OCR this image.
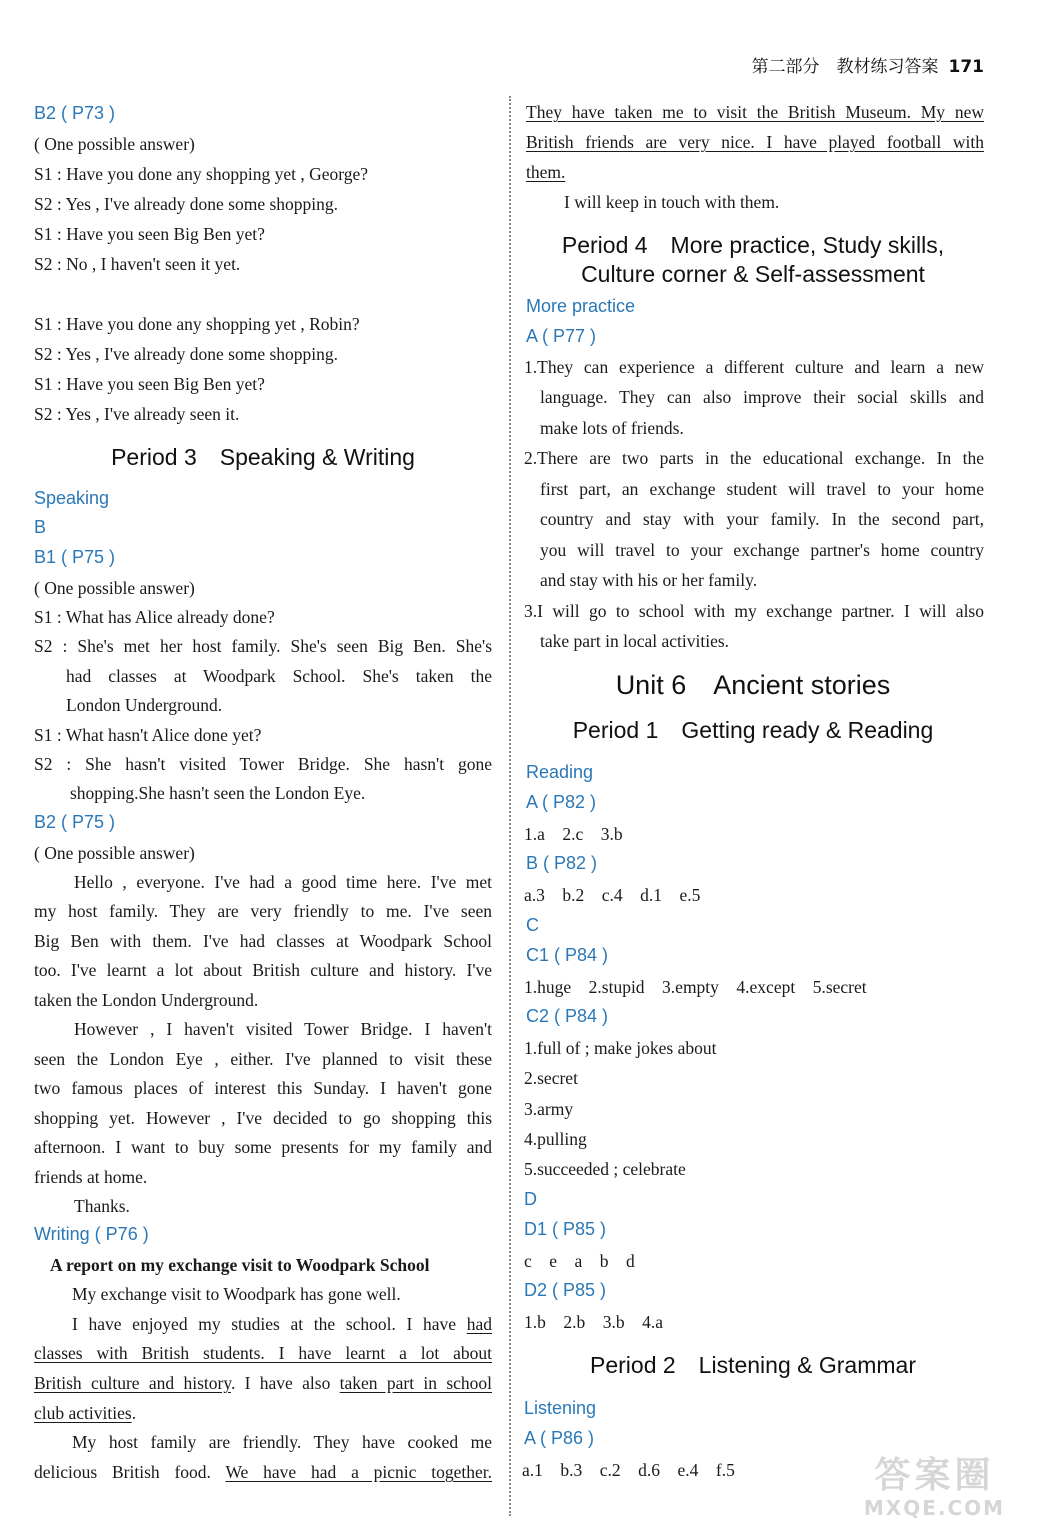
第二部分　教材练习答案 171
B2 ( P73 )
( One possible answer)
S1 : Have you done any shopping yet , George?
S2 : Yes , I've already done some shopping.
S1 : Have you seen Big Ben yet?
S2 : No , I haven't seen it yet.
S1 : Have you done any shopping yet , Robin?
S2 : Yes , I've already done some shopping.
S1 : Have you seen Big Ben yet?
S2 : Yes , I've already seen it.
Period 3　Speaking & Writing
Speaking
B
B1 ( P75 )
( One possible answer)
S1 : What has Alice already done?
S2 : She's met her host family. She's seen Big Ben. She's
had classes at Woodpark School. She's taken the
London Underground.
S1 : What hasn't Alice done yet?
S2 : She hasn't visited Tower Bridge. She hasn't gone
shopping.She hasn't seen the London Eye.
B2 ( P75 )
( One possible answer)
Hello , everyone. I've had a good time here. I've met
my host family. They are very friendly to me. I've seen
Big Ben with them. I've had classes at Woodpark School
too. I've learnt a lot about British culture and history. I've
taken the London Underground.
However , I haven't visited Tower Bridge. I haven't
seen the London Eye , either. I've planned to visit these
two famous places of interest this Sunday. I haven't gone
shopping yet. However , I've decided to go shopping this
afternoon. I want to buy some presents for my family and
friends at home.
Thanks.
Writing ( P76 )
A report on my exchange visit to Woodpark School
My exchange visit to Woodpark has gone well.
I have enjoyed my studies at the school. I have had
classes with British students. I have learnt a lot about
British culture and history. I have also taken part in school
club activities.
My host family are friendly. They have cooked me
delicious British food. We have had a picnic together.
They have taken me to visit the British Museum. My new
British friends are very nice. I have played football with
them.
I will keep in touch with them.
Period 4　More practice, Study skills,
Culture corner & Self-assessment
More practice
A ( P77 )
1.They can experience a different culture and learn a new
language. They can also improve their social skills and
make lots of friends.
2.There are two parts in the educational exchange. In the
first part, an exchange student will travel to your home
country and stay with your family. In the second part,
you will travel to your exchange partner's home country
and stay with his or her family.
3.I will go to school with my exchange partner. I will also
take part in local activities.
Unit 6　Ancient stories
Period 1　Getting ready & Reading
Reading
A ( P82 )
1.a　2.c　3.b
B ( P82 )
a.3　b.2　c.4　d.1　e.5
C
C1 ( P84 )
1.huge　2.stupid　3.empty　4.except　5.secret
C2 ( P84 )
1.full of ; make jokes about
2.secret
3.army
4.pulling
5.succeeded ; celebrate
D
D1 ( P85 )
c　e　a　b　d
D2 ( P85 )
1.b　2.b　3.b　4.a
Period 2　Listening & Grammar
Listening
A ( P86 )
a.1　b.3　c.2　d.6　e.4　f.5	答案圈
MXQE.COM
